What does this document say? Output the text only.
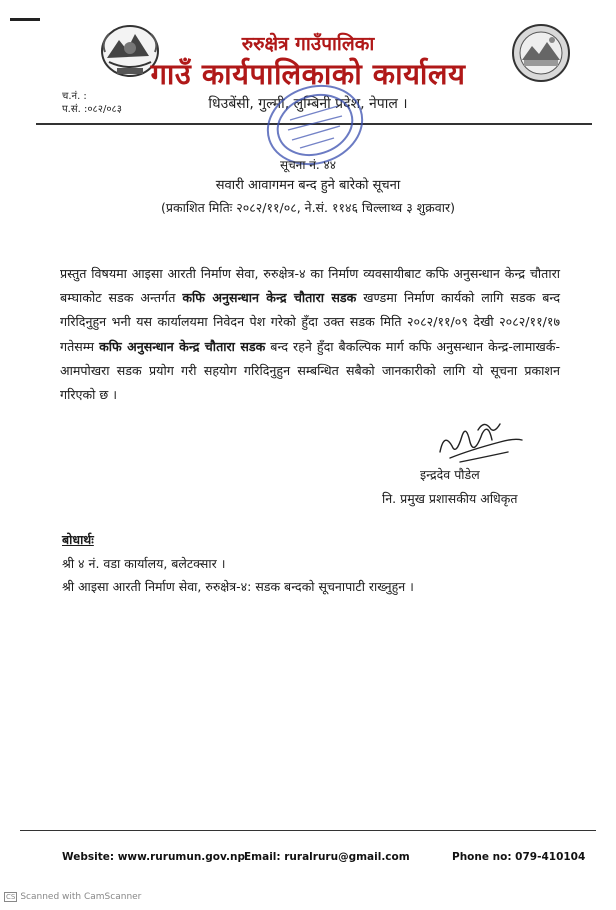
रुरुक्षेत्र गाउँपालिका
गाउँ कार्यपालिकाको कार्यालय
धिउबेंसी, गुल्मी, लुम्बिनी प्रदेश, नेपाल ।
च.नं. :
प.सं. :०८२/०८३
सूचना नं. ४४
सवारी आवागमन बन्द हुने बारेको सूचना
(प्रकाशित मितिः २०८२/११/०८, ने.सं. ११४६ चिल्लाथ्व ३ शुक्रवार)
प्रस्तुत विषयमा आइसा आरती निर्माण सेवा, रुरुक्षेत्र-४ का निर्माण व्यवसायीबाट कफि अनुसन्धान केन्द्र चौतारा बम्घाकोट सडक अन्तर्गत कफि अनुसन्धान केन्द्र चौतारा सडक खण्डमा निर्माण कार्यको लागि सडक बन्द गरिदिनुहुन भनी यस कार्यालयमा निवेदन पेश गरेको हुँदा उक्त सडक मिति २०८२/११/०९ देखी २०८२/११/१७ गतेसम्म कफि अनुसन्धान केन्द्र चौतारा सडक बन्द रहने हुँदा बैकल्पिक मार्ग कफि अनुसन्धान केन्द्र-लामाखर्क- आमपोखरा सडक प्रयोग गरी सहयोग गरिदिनुहुन सम्बन्धित सबैको जानकारीको लागि यो सूचना प्रकाशन गरिएको छ ।
इन्द्रदेव पौडेल
नि. प्रमुख प्रशासकीय अधिकृत
बोधार्थः
श्री ४ नं. वडा कार्यालय, बलेटक्सार ।
श्री आइसा आरती निर्माण सेवा, रुरुक्षेत्र-४: सडक बन्दको सूचनापाटी राख्नुहुन ।
Website: www.rurumun.gov.np Email: ruralruru@gmail.com	Phone no: 079-410104
CS Scanned with CamScanner
